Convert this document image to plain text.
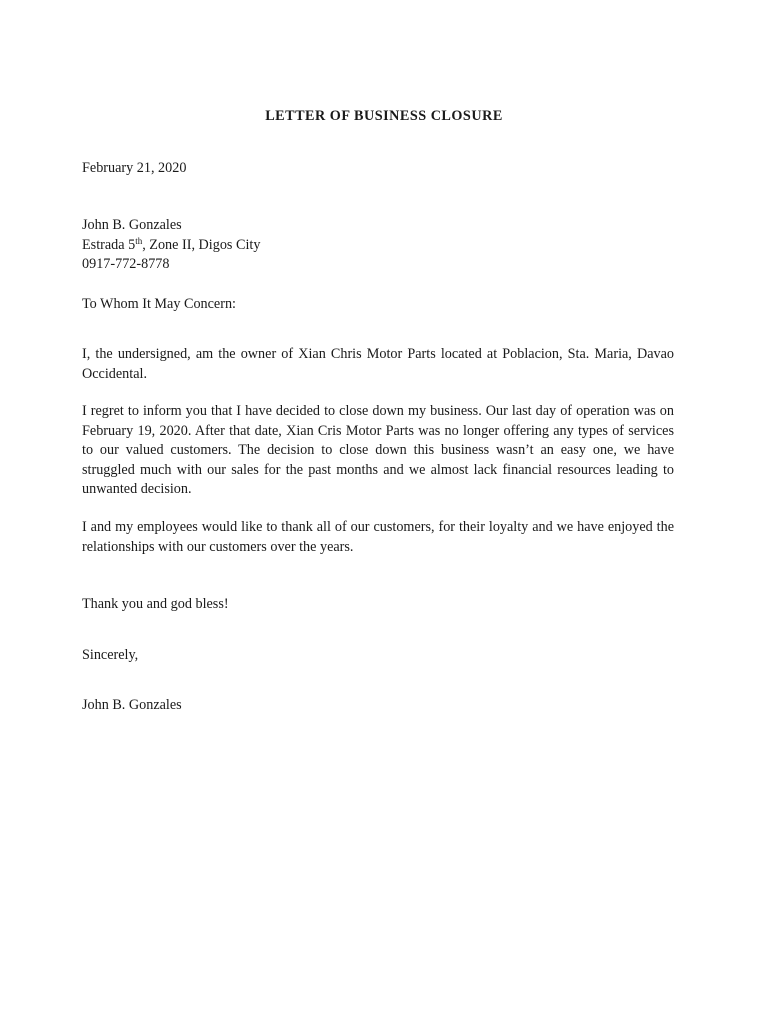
LETTER OF BUSINESS CLOSURE

February 21, 2020

John B. Gonzales
Estrada 5th, Zone II, Digos City
0917-772-8778

To Whom It May Concern:

I, the undersigned, am the owner of Xian Chris Motor Parts located at Poblacion, Sta. Maria, Davao Occidental.

I regret to inform you that I have decided to close down my business. Our last day of operation was on February 19, 2020. After that date, Xian Cris Motor Parts was no longer offering any types of services to our valued customers. The decision to close down this business wasn’t an easy one, we have struggled much with our sales for the past months and we almost lack financial resources leading to unwanted decision.

I and my employees would like to thank all of our customers, for their loyalty and we have enjoyed the relationships with our customers over the years.

Thank you and god bless!

Sincerely,

John B. Gonzales
